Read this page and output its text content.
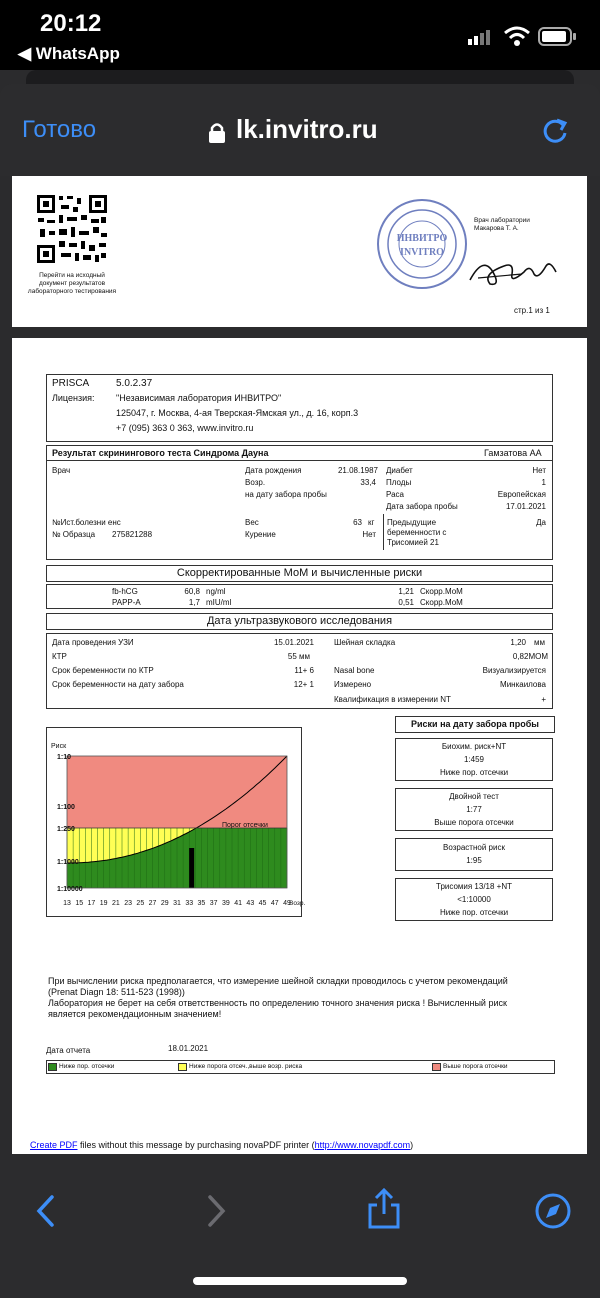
20:12
◀ WhatsApp
Готово	lk.invitro.ru
Перейти на исходный
документ результатов
лабораторного тестирования
ИНВИТРО
INVITRO
Врач лаборатории
Макарова Т. А.
стр.1 из 1
PRISCA	5.0.2.37
Лицензия: "Независимая лаборатория ИНВИТРО"
125047, г. Москва, 4-ая Тверская-Ямская ул., д. 16, корп.3
+7 (095) 363 0 363, www.invitro.ru
Результат скринингового теста Синдрома Дауна	Гамзатова АА
Врач	Дата рождения	21.08.1987
Возр.	33,4
на дату забора пробы
Диабет	Нет
Плоды	1
Раса	Европейская
Дата забора пробы	17.01.2021
№Ист.болезни енс
№ Образца 275821288
Вес	63 кг
Курение	Нет
Предыдущие
беременности с
Трисомией 21
Да
Скорректированные МоМ и вычисленные риски
fb-hCG	60,8 ng/ml	1,21 Скорр.МоМ
PAPP-A	1,7 mIU/ml	0,51 Скорр.МоМ
Дата ультразвукового исследования
Дата проведения УЗИ	15.01.2021
КТР	55 мм
Срок беременности по КТР	11+ 6
Срок беременности на дату забора	12+ 1
Шейная складка	1,20 мм
0,82МОМ
Nasal bone	Визуализируется
Измерено	Минкаилова
Квалификация в измерении NT	+
Риск
1:10
1:100
1:250
1:1000
1:10000
Порог отсечки
13 15 17 19 21 23 25 27 29 31 33 35 37 39 41 43 45 47 49
Возр.
Риски на дату забора пробы
Биохим. риск+NT
1:459
Ниже пор. отсечки
Двойной тест
1:77
Выше порога отсечки
Возрастной риск
1:95
Трисомия 13/18 +NT
<1:10000
Ниже пор. отсечки
При вычислении риска предполагается, что измерение шейной складки проводилось с учетом рекомендаций
(Prenat Diagn 18: 511-523 (1998))
Лаборатория не берет на себя ответственность по определению точного значения риска ! Вычисленный риск
является рекомендационным значением!
Дата отчета	18.01.2021
Ниже пор. отсечки	Ниже порога отсеч.,выше возр. риска	Выше порога отсечки
Create PDF files without this message by purchasing novaPDF printer (http://www.novapdf.com)
